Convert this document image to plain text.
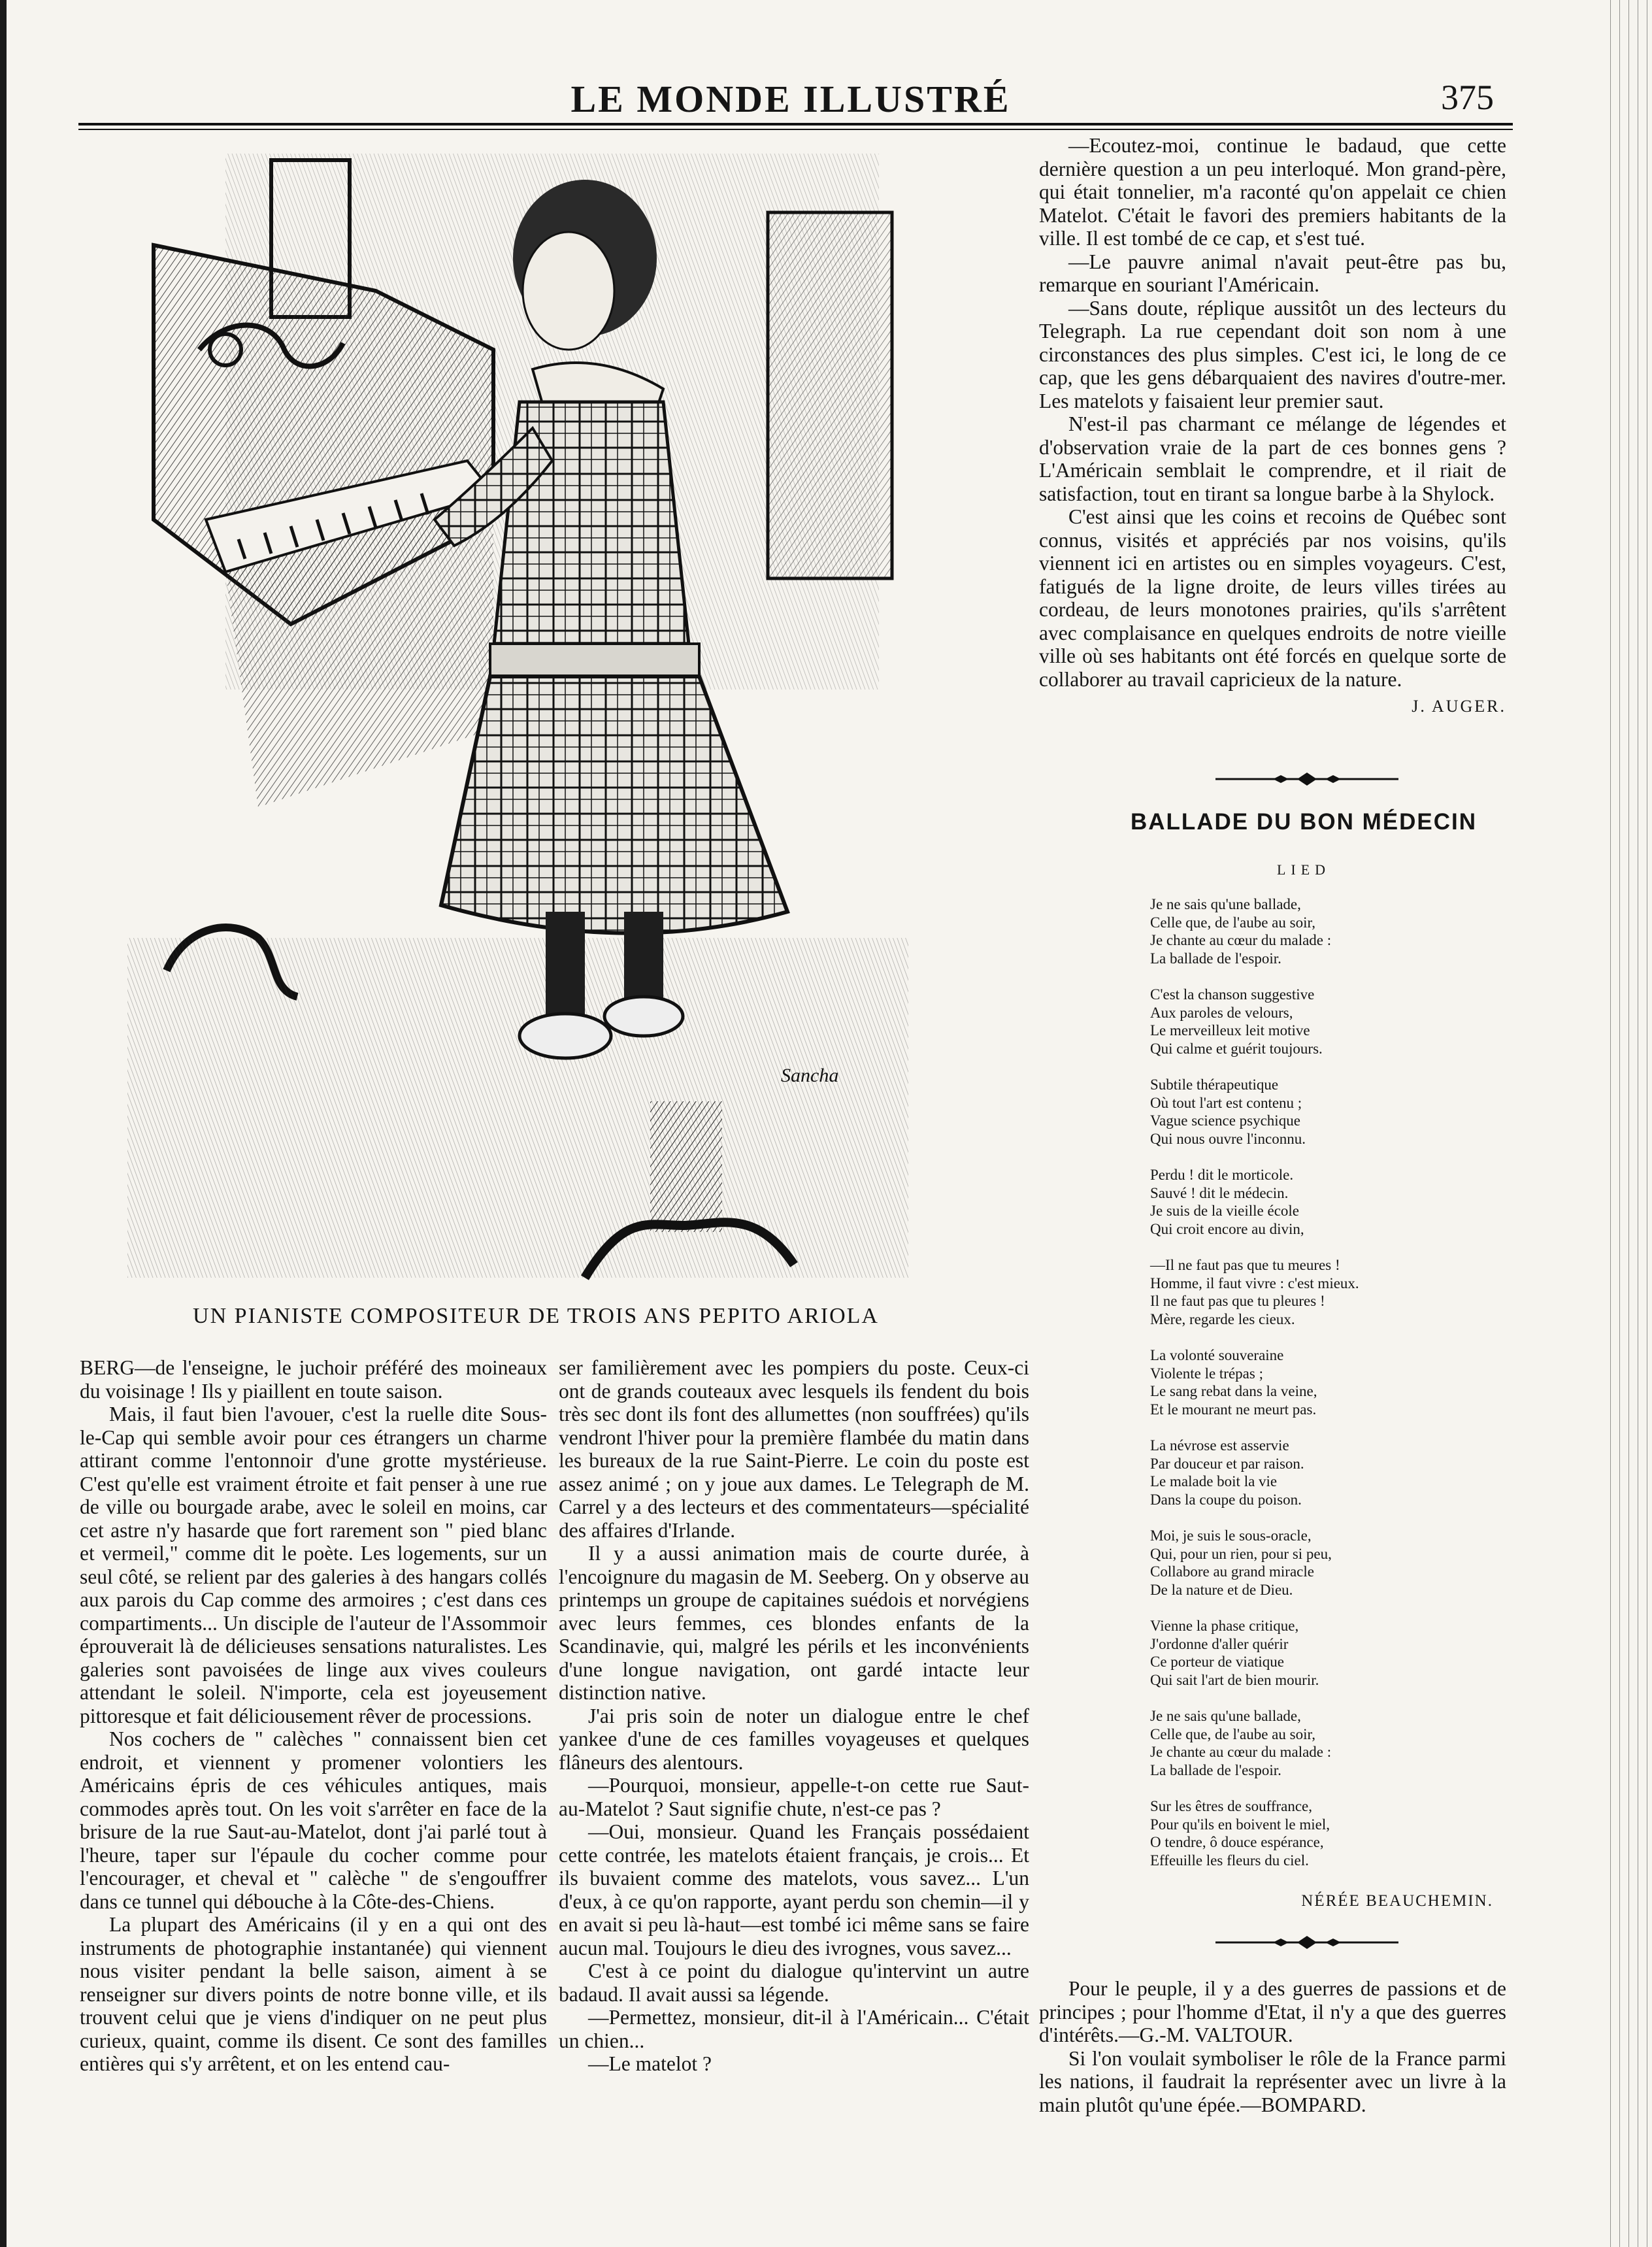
LE MONDE ILLUSTRÉ	375
Sancha
UN PIANISTE COMPOSITEUR DE TROIS ANS PEPITO ARIOLA

BERG—de l'enseigne, le juchoir préféré des moineaux du voisinage ! Ils y piaillent en toute saison.

Mais, il faut bien l'avouer, c'est la ruelle dite Sous-le-Cap qui semble avoir pour ces étrangers un charme attirant comme l'entonnoir d'une grotte mystérieuse. C'est qu'elle est vraiment étroite et fait penser à une rue de ville ou bourgade arabe, avec le soleil en moins, car cet astre n'y hasarde que fort rarement son " pied blanc et vermeil," comme dit le poète. Les logements, sur un seul côté, se relient par des galeries à des hangars collés aux parois du Cap comme des armoires ; c'est dans ces compartiments... Un disciple de l'auteur de l'Assommoir éprouverait là de délicieuses sensations naturalistes. Les galeries sont pavoisées de linge aux vives couleurs attendant le soleil. N'importe, cela est joyeusement pittoresque et fait déliciousement rêver de processions.

Nos cochers de " calèches " connaissent bien cet endroit, et viennent y promener volontiers les Américains épris de ces véhicules antiques, mais commodes après tout. On les voit s'arrêter en face de la brisure de la rue Saut-au-Matelot, dont j'ai parlé tout à l'heure, taper sur l'épaule du cocher comme pour l'encourager, et cheval et " calèche " de s'engouffrer dans ce tunnel qui débouche à la Côte-des-Chiens.

La plupart des Américains (il y en a qui ont des instruments de photographie instantanée) qui viennent nous visiter pendant la belle saison, aiment à se renseigner sur divers points de notre bonne ville, et ils trouvent celui que je viens d'indiquer on ne peut plus curieux, quaint, comme ils disent. Ce sont des familles entières qui s'y arrêtent, et on les entend cau-

ser familièrement avec les pompiers du poste. Ceux-ci ont de grands couteaux avec lesquels ils fendent du bois très sec dont ils font des allumettes (non souffrées) qu'ils vendront l'hiver pour la première flambée du matin dans les bureaux de la rue Saint-Pierre. Le coin du poste est assez animé ; on y joue aux dames. Le Telegraph de M. Carrel y a des lecteurs et des commentateurs—spécialité des affaires d'Irlande.

Il y a aussi animation mais de courte durée, à l'encoignure du magasin de M. Seeberg. On y observe au printemps un groupe de capitaines suédois et norvégiens avec leurs femmes, ces blondes enfants de la Scandinavie, qui, malgré les périls et les inconvénients d'une longue navigation, ont gardé intacte leur distinction native.

J'ai pris soin de noter un dialogue entre le chef yankee d'une de ces familles voyageuses et quelques flâneurs des alentours.

—Pourquoi, monsieur, appelle-t-on cette rue Saut-au-Matelot ? Saut signifie chute, n'est-ce pas ?

—Oui, monsieur. Quand les Français possédaient cette contrée, les matelots étaient français, je crois... Et ils buvaient comme des matelots, vous savez... L'un d'eux, à ce qu'on rapporte, ayant perdu son chemin—il y en avait si peu là-haut—est tombé ici même sans se faire aucun mal. Toujours le dieu des ivrognes, vous savez...

C'est à ce point du dialogue qu'intervint un autre badaud. Il avait aussi sa légende.

—Permettez, monsieur, dit-il à l'Américain... C'était un chien...

—Le matelot ?

—Ecoutez-moi, continue le badaud, que cette dernière question a un peu interloqué. Mon grand-père, qui était tonnelier, m'a raconté qu'on appelait ce chien Matelot. C'était le favori des premiers habitants de la ville. Il est tombé de ce cap, et s'est tué.

—Le pauvre animal n'avait peut-être pas bu, remarque en souriant l'Américain.

—Sans doute, réplique aussitôt un des lecteurs du Telegraph. La rue cependant doit son nom à une circonstances des plus simples. C'est ici, le long de ce cap, que les gens débarquaient des navires d'outre-mer. Les matelots y faisaient leur premier saut.

N'est-il pas charmant ce mélange de légendes et d'observation vraie de la part de ces bonnes gens ? L'Américain semblait le comprendre, et il riait de satisfaction, tout en tirant sa longue barbe à la Shylock.

C'est ainsi que les coins et recoins de Québec sont connus, visités et appréciés par nos voisins, qu'ils viennent ici en artistes ou en simples voyageurs. C'est, fatigués de la ligne droite, de leurs villes tirées au cordeau, de leurs monotones prairies, qu'ils s'arrêtent avec complaisance en quelques endroits de notre vieille ville où ses habitants ont été forcés en quelque sorte de collaborer au travail capricieux de la nature.

J. AUGER.

BALLADE DU BON MÉDECIN
LIED
Je ne sais qu'une ballade,
Celle que, de l'aube au soir,
Je chante au cœur du malade :
La ballade de l'espoir.
C'est la chanson suggestive
Aux paroles de velours,
Le merveilleux leit motive
Qui calme et guérit toujours.
Subtile thérapeutique
Où tout l'art est contenu ;
Vague science psychique
Qui nous ouvre l'inconnu.
Perdu ! dit le morticole.
Sauvé ! dit le médecin.
Je suis de la vieille école
Qui croit encore au divin,
—Il ne faut pas que tu meures !
Homme, il faut vivre : c'est mieux.
Il ne faut pas que tu pleures !
Mère, regarde les cieux.
La volonté souveraine
Violente le trépas ;
Le sang rebat dans la veine,
Et le mourant ne meurt pas.
La névrose est asservie
Par douceur et par raison.
Le malade boit la vie
Dans la coupe du poison.
Moi, je suis le sous-oracle,
Qui, pour un rien, pour si peu,
Collabore au grand miracle
De la nature et de Dieu.
Vienne la phase critique,
J'ordonne d'aller quérir
Ce porteur de viatique
Qui sait l'art de bien mourir.
Je ne sais qu'une ballade,
Celle que, de l'aube au soir,
Je chante au cœur du malade :
La ballade de l'espoir.
Sur les êtres de souffrance,
Pour qu'ils en boivent le miel,
O tendre, ô douce espérance,
Effeuille les fleurs du ciel.
NÉRÉE BEAUCHEMIN.

Pour le peuple, il y a des guerres de passions et de principes ; pour l'homme d'Etat, il n'y a que des guerres d'intérêts.—G.-M. VALTOUR.

Si l'on voulait symboliser le rôle de la France parmi les nations, il faudrait la représenter avec un livre à la main plutôt qu'une épée.—BOMPARD.
